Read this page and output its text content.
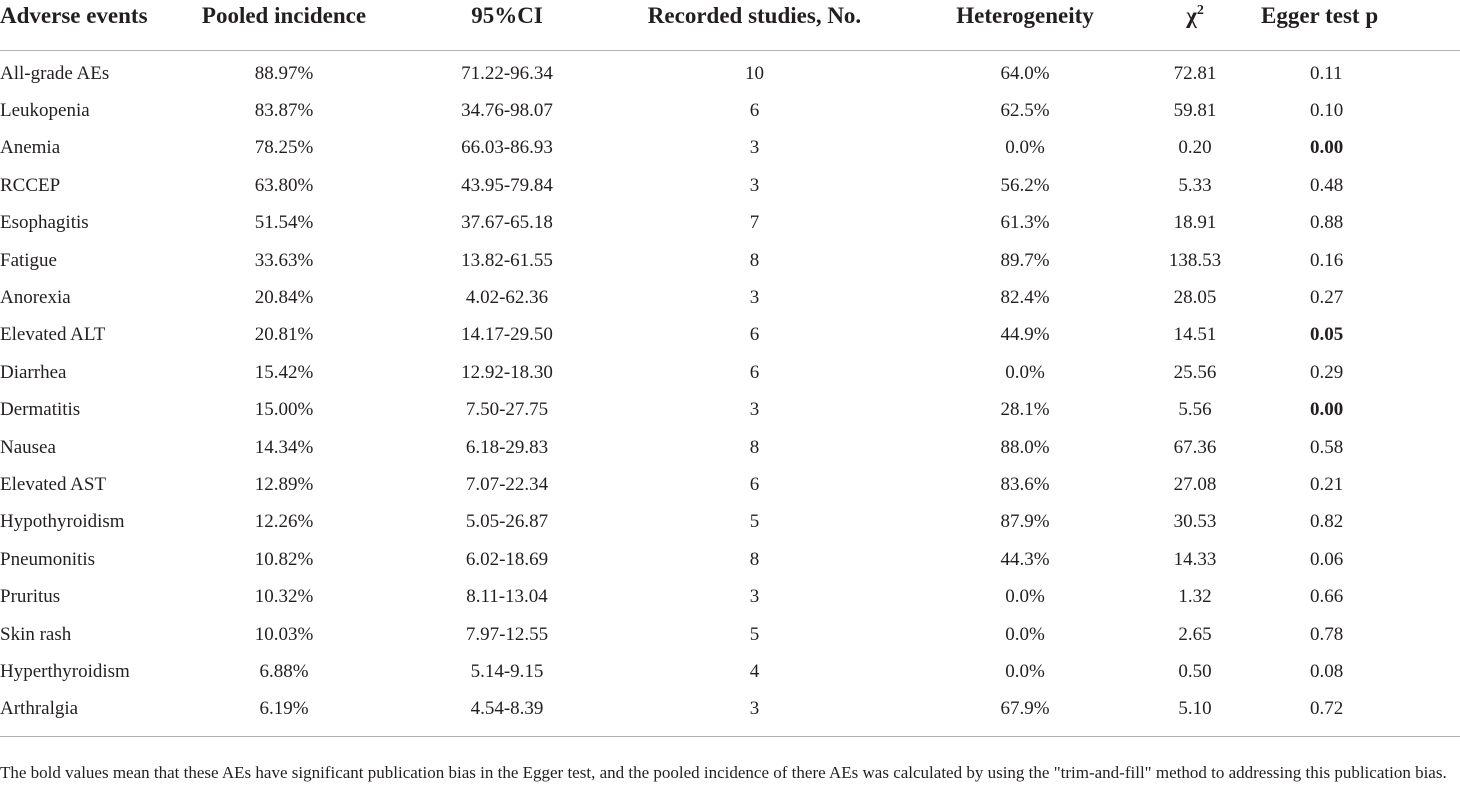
Adverse events	Pooled incidence	95%CI	Recorded studies, No.	Heterogeneity	$\chi^2$	Egger test p
All-grade AEs	88.97%	71.22-96.34	10	64.0%	72.81	0.11
Leukopenia	83.87%	34.76-98.07	6	62.5%	59.81	0.10
Anemia	78.25%	66.03-86.93	3	0.0%	0.20	0.00
RCCEP	63.80%	43.95-79.84	3	56.2%	5.33	0.48
Esophagitis	51.54%	37.67-65.18	7	61.3%	18.91	0.88
Fatigue	33.63%	13.82-61.55	8	89.7%	138.53	0.16
Anorexia	20.84%	4.02-62.36	3	82.4%	28.05	0.27
Elevated ALT	20.81%	14.17-29.50	6	44.9%	14.51	0.05
Diarrhea	15.42%	12.92-18.30	6	0.0%	25.56	0.29
Dermatitis	15.00%	7.50-27.75	3	28.1%	5.56	0.00
Nausea	14.34%	6.18-29.83	8	88.0%	67.36	0.58
Elevated AST	12.89%	7.07-22.34	6	83.6%	27.08	0.21
Hypothyroidism	12.26%	5.05-26.87	5	87.9%	30.53	0.82
Pneumonitis	10.82%	6.02-18.69	8	44.3%	14.33	0.06
Pruritus	10.32%	8.11-13.04	3	0.0%	1.32	0.66
Skin rash	10.03%	7.97-12.55	5	0.0%	2.65	0.78
Hyperthyroidism	6.88%	5.14-9.15	4	0.0%	0.50	0.08
Arthralgia	6.19%	4.54-8.39	3	67.9%	5.10	0.72
The bold values mean that these AEs have significant publication bias in the Egger test, and the pooled incidence of there AEs was calculated by using the "trim-and-fill" method to addressing this publication bias.
